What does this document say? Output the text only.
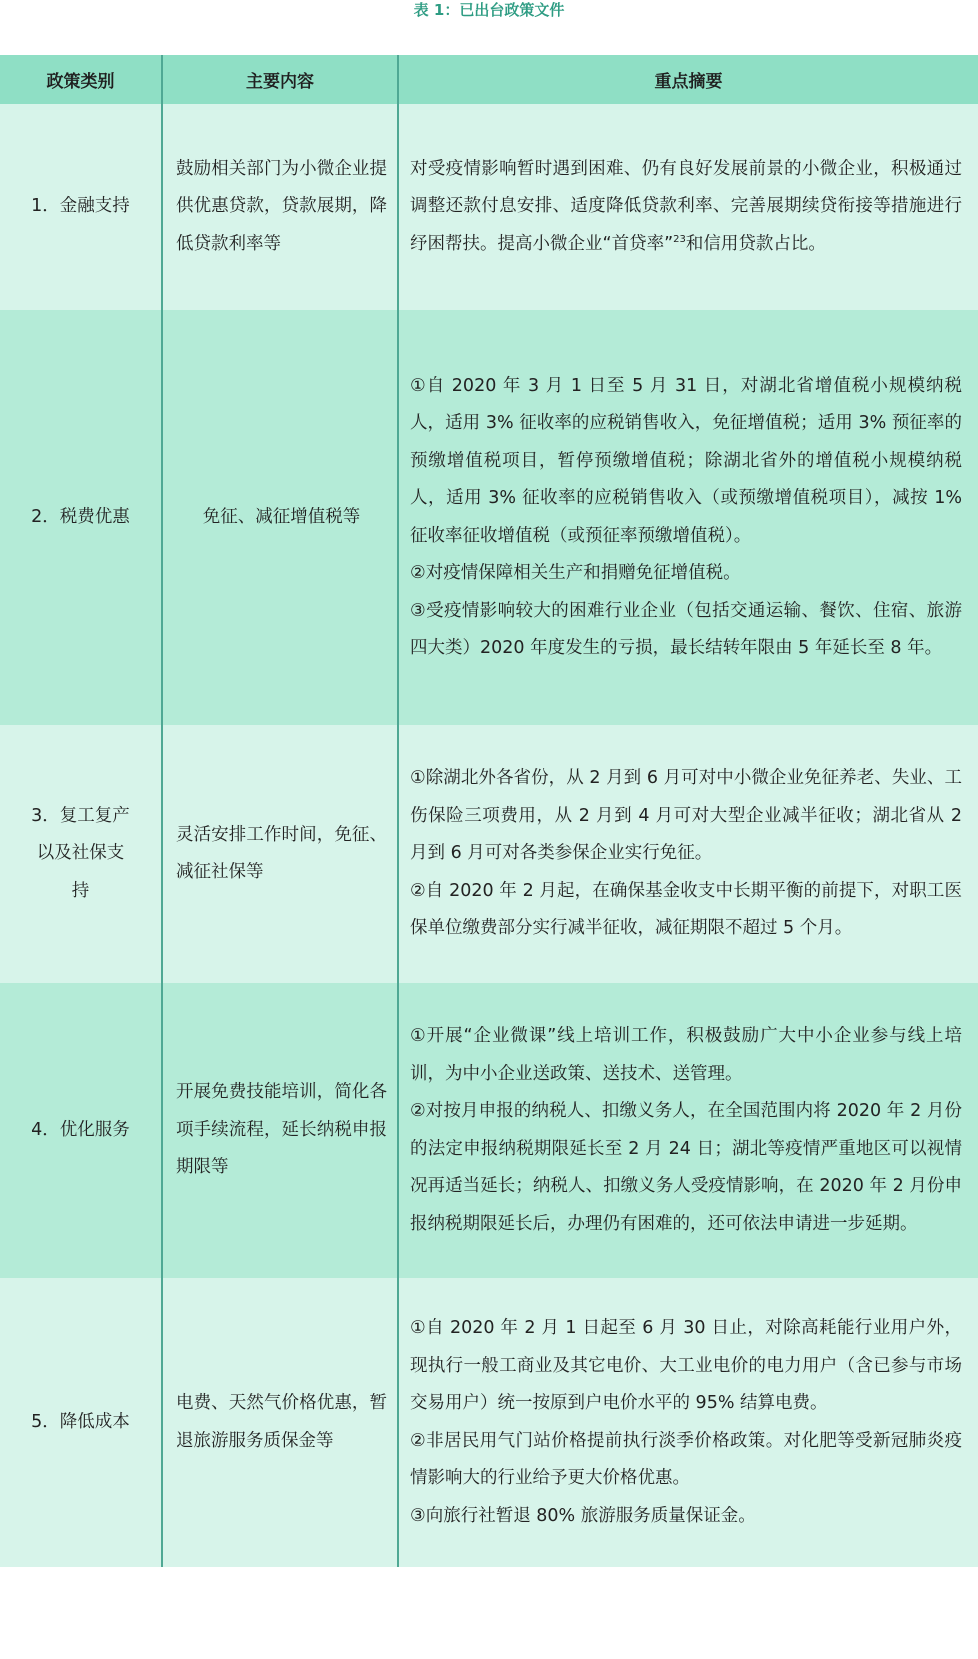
表 1：已出台政策文件
政策类别	主要内容	重点摘要
1．金融支持	鼓励相关部门为小微企业提供优惠贷款，贷款展期，降低贷款利率等	对受疫情影响暂时遇到困难、仍有良好发展前景的小微企业，积极通过调整还款付息安排、适度降低贷款利率、完善展期续贷衔接等措施进行纾困帮扶。提高小微企业“首贷率”$^{23}$和信用贷款占比。

2．税费优惠	免征、减征增值税等	①自 2020 年 3 月 1 日至 5 月 31 日，对湖北省增值税小规模纳税人，适用 3% 征收率的应税销售收入，免征增值税；适用 3% 预征率的预缴增值税项目，暂停预缴增值税；除湖北省外的增值税小规模纳税人，适用 3% 征收率的应税销售收入（或预缴增值税项目），减按 1% 征收率征收增值税（或预征率预缴增值税）。

②对疫情保障相关生产和捐赠免征增值税。

③受疫情影响较大的困难行业企业（包括交通运输、餐饮、住宿、旅游四大类）2020 年度发生的亏损，最长结转年限由 5 年延长至 8 年。

3．复工复产以及社保支持	灵活安排工作时间，免征、减征社保等	①除湖北外各省份，从 2 月到 6 月可对中小微企业免征养老、失业、工伤保险三项费用，从 2 月到 4 月可对大型企业减半征收；湖北省从 2 月到 6 月可对各类参保企业实行免征。

②自 2020 年 2 月起，在确保基金收支中长期平衡的前提下，对职工医保单位缴费部分实行减半征收，减征期限不超过 5 个月。

4．优化服务	开展免费技能培训，简化各项手续流程，延长纳税申报期限等	①开展“企业微课”线上培训工作，积极鼓励广大中小企业参与线上培训，为中小企业送政策、送技术、送管理。

②对按月申报的纳税人、扣缴义务人，在全国范围内将 2020 年 2 月份的法定申报纳税期限延长至 2 月 24 日；湖北等疫情严重地区可以视情况再适当延长；纳税人、扣缴义务人受疫情影响，在 2020 年 2 月份申报纳税期限延长后，办理仍有困难的，还可依法申请进一步延期。

5．降低成本	电费、天然气价格优惠，暂退旅游服务质保金等	①自 2020 年 2 月 1 日起至 6 月 30 日止，对除高耗能行业用户外，现执行一般工商业及其它电价、大工业电价的电力用户（含已参与市场交易用户）统一按原到户电价水平的 95% 结算电费。

②非居民用气门站价格提前执行淡季价格政策。对化肥等受新冠肺炎疫情影响大的行业给予更大价格优惠。

③向旅行社暂退 80% 旅游服务质量保证金。
